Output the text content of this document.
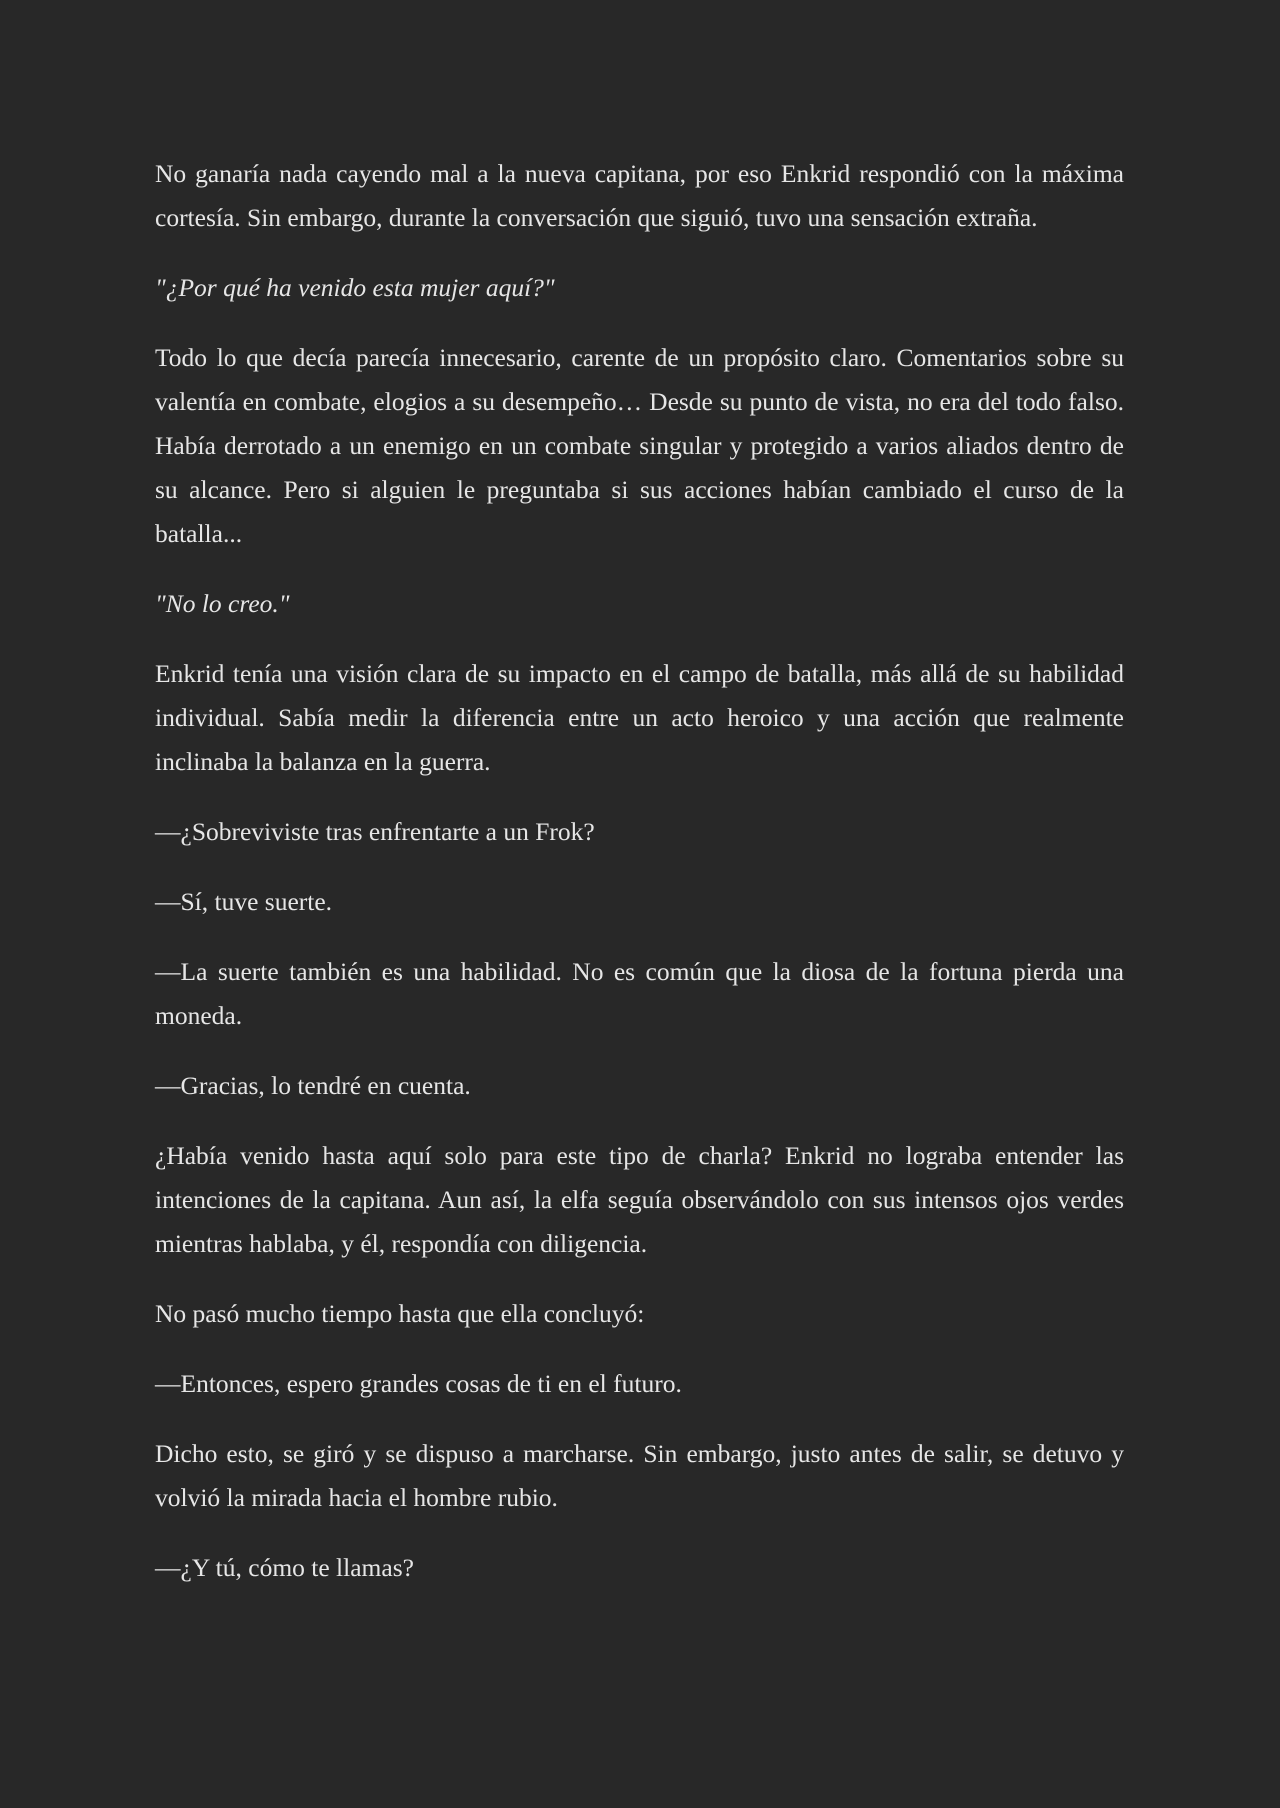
No ganaría nada cayendo mal a la nueva capitana, por eso Enkrid respondió con la máxima cortesía. Sin embargo, durante la conversación que siguió, tuvo una sensación extraña.

"¿Por qué ha venido esta mujer aquí?"

Todo lo que decía parecía innecesario, carente de un propósito claro. Comentarios sobre su valentía en combate, elogios a su desempeño… Desde su punto de vista, no era del todo falso. Había derrotado a un enemigo en un combate singular y protegido a varios aliados dentro de su alcance. Pero si alguien le preguntaba si sus acciones habían cambiado el curso de la batalla...

"No lo creo."

Enkrid tenía una visión clara de su impacto en el campo de batalla, más allá de su habilidad individual. Sabía medir la diferencia entre un acto heroico y una acción que realmente inclinaba la balanza en la guerra.

—¿Sobreviviste tras enfrentarte a un Frok?

—Sí, tuve suerte.

—La suerte también es una habilidad. No es común que la diosa de la fortuna pierda una moneda.

—Gracias, lo tendré en cuenta.

¿Había venido hasta aquí solo para este tipo de charla? Enkrid no lograba entender las intenciones de la capitana. Aun así, la elfa seguía observándolo con sus intensos ojos verdes mientras hablaba, y él, respondía con diligencia.

No pasó mucho tiempo hasta que ella concluyó:

—Entonces, espero grandes cosas de ti en el futuro.

Dicho esto, se giró y se dispuso a marcharse. Sin embargo, justo antes de salir, se detuvo y volvió la mirada hacia el hombre rubio.

—¿Y tú, cómo te llamas?
